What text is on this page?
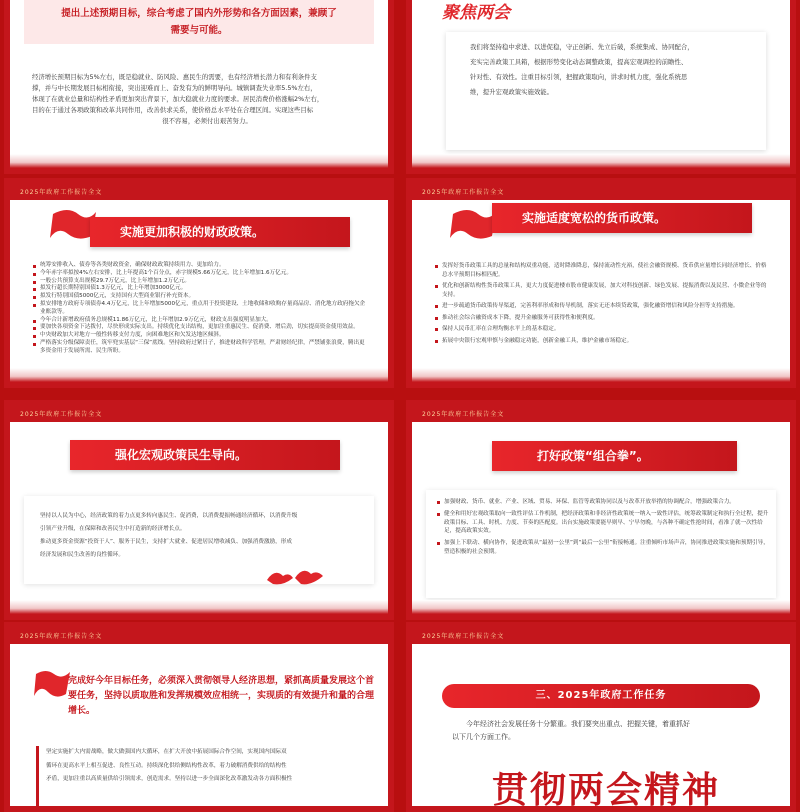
提出上述预期目标，综合考虑了国内外形势和各方面因素，兼顾了需要与可能。
经济增长预期目标为5%左右，既是稳就业、防风险、惠民生的需要，也有经济增长潜力和有利条件支
撑，并与中长期发展目标相衔接，突出迎难而上、奋发有为的鲜明导向。城镇调查失业率5.5%左右，
体现了在就业总量和结构性矛盾更加突出背景下，加大稳就业力度的要求。居民消费价格涨幅2%左右，
目的在于通过各项政策和改革共同作用，改善供求关系，使价格总水平处在合理区间。实现这些目标
很不容易，必须付出艰苦努力。
聚焦两会
我们将坚持稳中求进、以进促稳，守正创新、先立后破，系统集成、协同配合，
充实完善政策工具箱，根据形势变化动态调整政策，提高宏观调控的前瞻性、
针对性、有效性。注重目标引领，把握政策取向，讲求时机力度，强化系统思
维，提升宏观政策实施效能。
2025年政府工作报告全文
实施更加积极的财政政策。
统筹安排收入、债券等各类财政资金，确保财政政策持续用力、更加给力。
今年赤字率拟按4%左右安排，比上年提高1个百分点，赤字规模5.66万亿元，比上年增加1.6万亿元。
一般公共预算支出规模29.7万亿元，比上年增加1.2万亿元。
拟发行超长期特别国债1.3万亿元，比上年增加3000亿元。
拟发行特别国债5000亿元，支持国有大型商业银行补充资本。
拟安排地方政府专项债券4.4万亿元，比上年增加5000亿元，重点用于投资建设、土地收储和收购存量商品房、消化地方政府拖欠企业账款等。
今年合计新增政府债务总规模11.86万亿元，比上年增加2.9万亿元，财政支出强度明显加大。
要加快各项资金下达拨付，尽快形成实际支出。持续优化支出结构，更加注重惠民生、促消费、增后劲，切实提高资金使用效益。
中央财政加大对地方一般性转移支付力度，向困难地区和欠发达地区倾斜。
严格落实分级保障责任，筑牢兜实基层“三保”底线。坚持政府过紧日子，推进财政科学管理，严肃财经纪律，严禁铺张浪费，腾出更多资金用于发展所需、民生所盼。
2025年政府工作报告全文
实施适度宽松的货币政策。
发挥好货币政策工具的总量和结构双重功能，适时降准降息，保持流动性充裕，使社会融资规模、货币供应量增长同经济增长、价格总水平预期目标相匹配。
优化和创新结构性货币政策工具，更大力度促进楼市股市健康发展，加大对科技创新、绿色发展、提振消费以及民营、小微企业等的支持。
进一步疏通货币政策传导渠道，完善利率形成和传导机制，落实无还本续贷政策，强化融资增信和风险分担等支持措施。
推动社会综合融资成本下降，提升金融服务可获得性和便利度。
保持人民币汇率在合理均衡水平上的基本稳定。
拓展中央银行宏观审慎与金融稳定功能，创新金融工具，维护金融市场稳定。
2025年政府工作报告全文
强化宏观政策民生导向。
坚持以人民为中心，经济政策的着力点更多转向惠民生、促消费，以消费提振畅通经济循环，以消费升级
引领产业升级，在保障和改善民生中打造新的经济增长点。
推动更多资金资源“投资于人”、服务于民生，支持扩大就业、促进居民增收减负、加强消费激励，形成
经济发展和民生改善的良性循环。
2025年政府工作报告全文
打好政策“组合拳”。
加强财政、货币、就业、产业、区域、贸易、环保、监管等政策协同以及与改革开放举措的协调配合，增强政策合力。
健全和用好宏观政策取向一致性评估工作机制，把经济政策和非经济性政策统一纳入一致性评估，统筹政策制定和执行全过程，提升政策目标、工具、时机、力度、节奏的匹配度。出台实施政策要能早则早、宁早勿晚，与各种不确定性抢时间，看准了就一次性给足，提高政策实效。
加强上下联动、横向协作，促进政策从“最初一公里”到“最后一公里”衔接畅通。注重倾听市场声音，协同推进政策实施和预期引导，塑造积极的社会预期。
2025年政府工作报告全文
完成好今年目标任务，必须深入贯彻领导人经济思想，紧抓高质量发展这个首要任务，坚持以质取胜和发挥规模效应相统一，实现质的有效提升和量的合理增长。
坚定实施扩大内需战略，做大做强国内大循环，在扩大开放中拓展国际合作空间，实现国内国际双
循环在更高水平上相互促进、良性互动。持续深化供给侧结构性改革，着力破解消费供给的结构性
矛盾，更加注重以高质量供给引领需求，创造需求。坚持以进一步全面深化改革激发动各方面积极性
2025年政府工作报告全文
三、2025年政府工作任务
今年经济社会发展任务十分繁重。我们要突出重点、把握关键，着重抓好
以下几个方面工作。
贯彻两会精神
